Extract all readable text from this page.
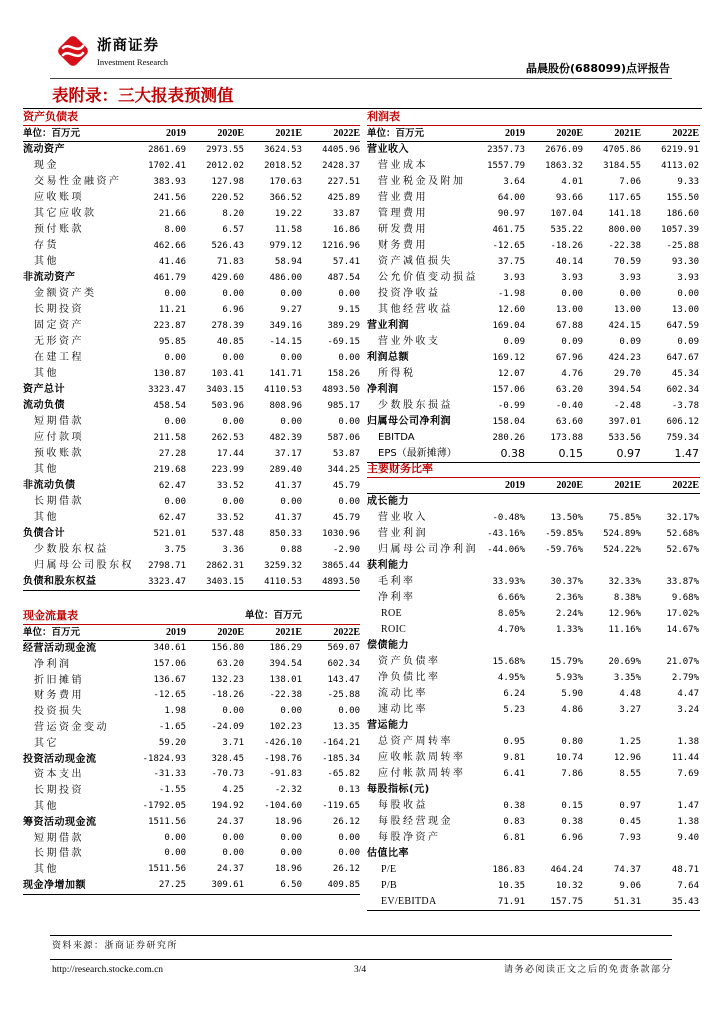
浙商证券
Investment Research	晶晨股份(688099)点评报告
表附录：三大报表预测值
资产负债表
单位：百万元	2019	2020E	2021E	2022E
流动资产	2861.69	2973.55	3624.53	4405.96
现金	1702.41	2012.02	2018.52	2428.37
交易性金融资产	383.93	127.98	170.63	227.51
应收账项	241.56	220.52	366.52	425.89
其它应收款	21.66	8.20	19.22	33.87
预付账款	8.00	6.57	11.58	16.86
存货	462.66	526.43	979.12	1216.96
其他	41.46	71.83	58.94	57.41
非流动资产	461.79	429.60	486.00	487.54
金额资产类	0.00	0.00	0.00	0.00
长期投资	11.21	6.96	9.27	9.15
固定资产	223.87	278.39	349.16	389.29
无形资产	95.85	40.85	-14.15	-69.15
在建工程	0.00	0.00	0.00	0.00
其他	130.87	103.41	141.71	158.26
资产总计	3323.47	3403.15	4110.53	4893.50
流动负债	458.54	503.96	808.96	985.17
短期借款	0.00	0.00	0.00	0.00
应付款项	211.58	262.53	482.39	587.06
预收账款	27.28	17.44	37.17	53.87
其他	219.68	223.99	289.40	344.25
非流动负债	62.47	33.52	41.37	45.79
长期借款	0.00	0.00	0.00	0.00
其他	62.47	33.52	41.37	45.79
负债合计	521.01	537.48	850.33	1030.96
少数股东权益	3.75	3.36	0.88	-2.90
归属母公司股东权	2798.71	2862.31	3259.32	3865.44
负债和股东权益	3323.47	3403.15	4110.53	4893.50
利润表
单位：百万元	2019	2020E	2021E	2022E
营业收入	2357.73	2676.09	4705.86	6219.91
营业成本	1557.79	1863.32	3184.55	4113.02
营业税金及附加	3.64	4.01	7.06	9.33
营业费用	64.00	93.66	117.65	155.50
管理费用	90.97	107.04	141.18	186.60
研发费用	461.75	535.22	800.00	1057.39
财务费用	-12.65	-18.26	-22.38	-25.88
资产减值损失	37.75	40.14	70.59	93.30
公允价值变动损益	3.93	3.93	3.93	3.93
投资净收益	-1.98	0.00	0.00	0.00
其他经营收益	12.60	13.00	13.00	13.00
营业利润	169.04	67.88	424.15	647.59
营业外收支	0.09	0.09	0.09	0.09
利润总额	169.12	67.96	424.23	647.67
所得税	12.07	4.76	29.70	45.34
净利润	157.06	63.20	394.54	602.34
少数股东损益	-0.99	-0.40	-2.48	-3.78
归属母公司净利润	158.04	63.60	397.01	606.12
EBITDA	280.26	173.88	533.56	759.34
EPS（最新摊薄）	0.38	0.15	0.97	1.47
主要财务比率
2019	2020E	2021E	2022E
成长能力
营业收入	-0.48%	13.50%	75.85%	32.17%
营业利润	-43.16%	-59.85%	524.89%	52.68%
归属母公司净利润	-44.06%	-59.76%	524.22%	52.67%
获利能力
毛利率	33.93%	30.37%	32.33%	33.87%
净利率	6.66%	2.36%	8.38%	9.68%
ROE	8.05%	2.24%	12.96%	17.02%
ROIC	4.70%	1.33%	11.16%	14.67%
偿债能力
资产负债率	15.68%	15.79%	20.69%	21.07%
净负债比率	4.95%	5.93%	3.35%	2.79%
流动比率	6.24	5.90	4.48	4.47
速动比率	5.23	4.86	3.27	3.24
营运能力
总资产周转率	0.95	0.80	1.25	1.38
应收帐款周转率	9.81	10.74	12.96	11.44
应付帐款周转率	6.41	7.86	8.55	7.69
每股指标(元)
每股收益	0.38	0.15	0.97	1.47
每股经营现金	0.83	0.38	0.45	1.38
每股净资产	6.81	6.96	7.93	9.40
估值比率
P/E	186.83	464.24	74.37	48.71
P/B	10.35	10.32	9.06	7.64
EV/EBITDA	71.91	157.75	51.31	35.43
现金流量表	单位：百万元
单位：百万元	2019	2020E	2021E	2022E
经营活动现金流	340.61	156.80	186.29	569.07
净利润	157.06	63.20	394.54	602.34
折旧摊销	136.67	132.23	138.01	143.47
财务费用	-12.65	-18.26	-22.38	-25.88
投资损失	1.98	0.00	0.00	0.00
营运资金变动	-1.65	-24.09	102.23	13.35
其它	59.20	3.71	-426.10	-164.21
投资活动现金流	-1824.93	328.45	-198.76	-185.34
资本支出	-31.33	-70.73	-91.83	-65.82
长期投资	-1.55	4.25	-2.32	0.13
其他	-1792.05	194.92	-104.60	-119.65
筹资活动现金流	1511.56	24.37	18.96	26.12
短期借款	0.00	0.00	0.00	0.00
长期借款	0.00	0.00	0.00	0.00
其他	1511.56	24.37	18.96	26.12
现金净增加额	27.25	309.61	6.50	409.85
资料来源：浙商证券研究所
http://research.stocke.com.cn	3/4	请务必阅读正文之后的免责条款部分
